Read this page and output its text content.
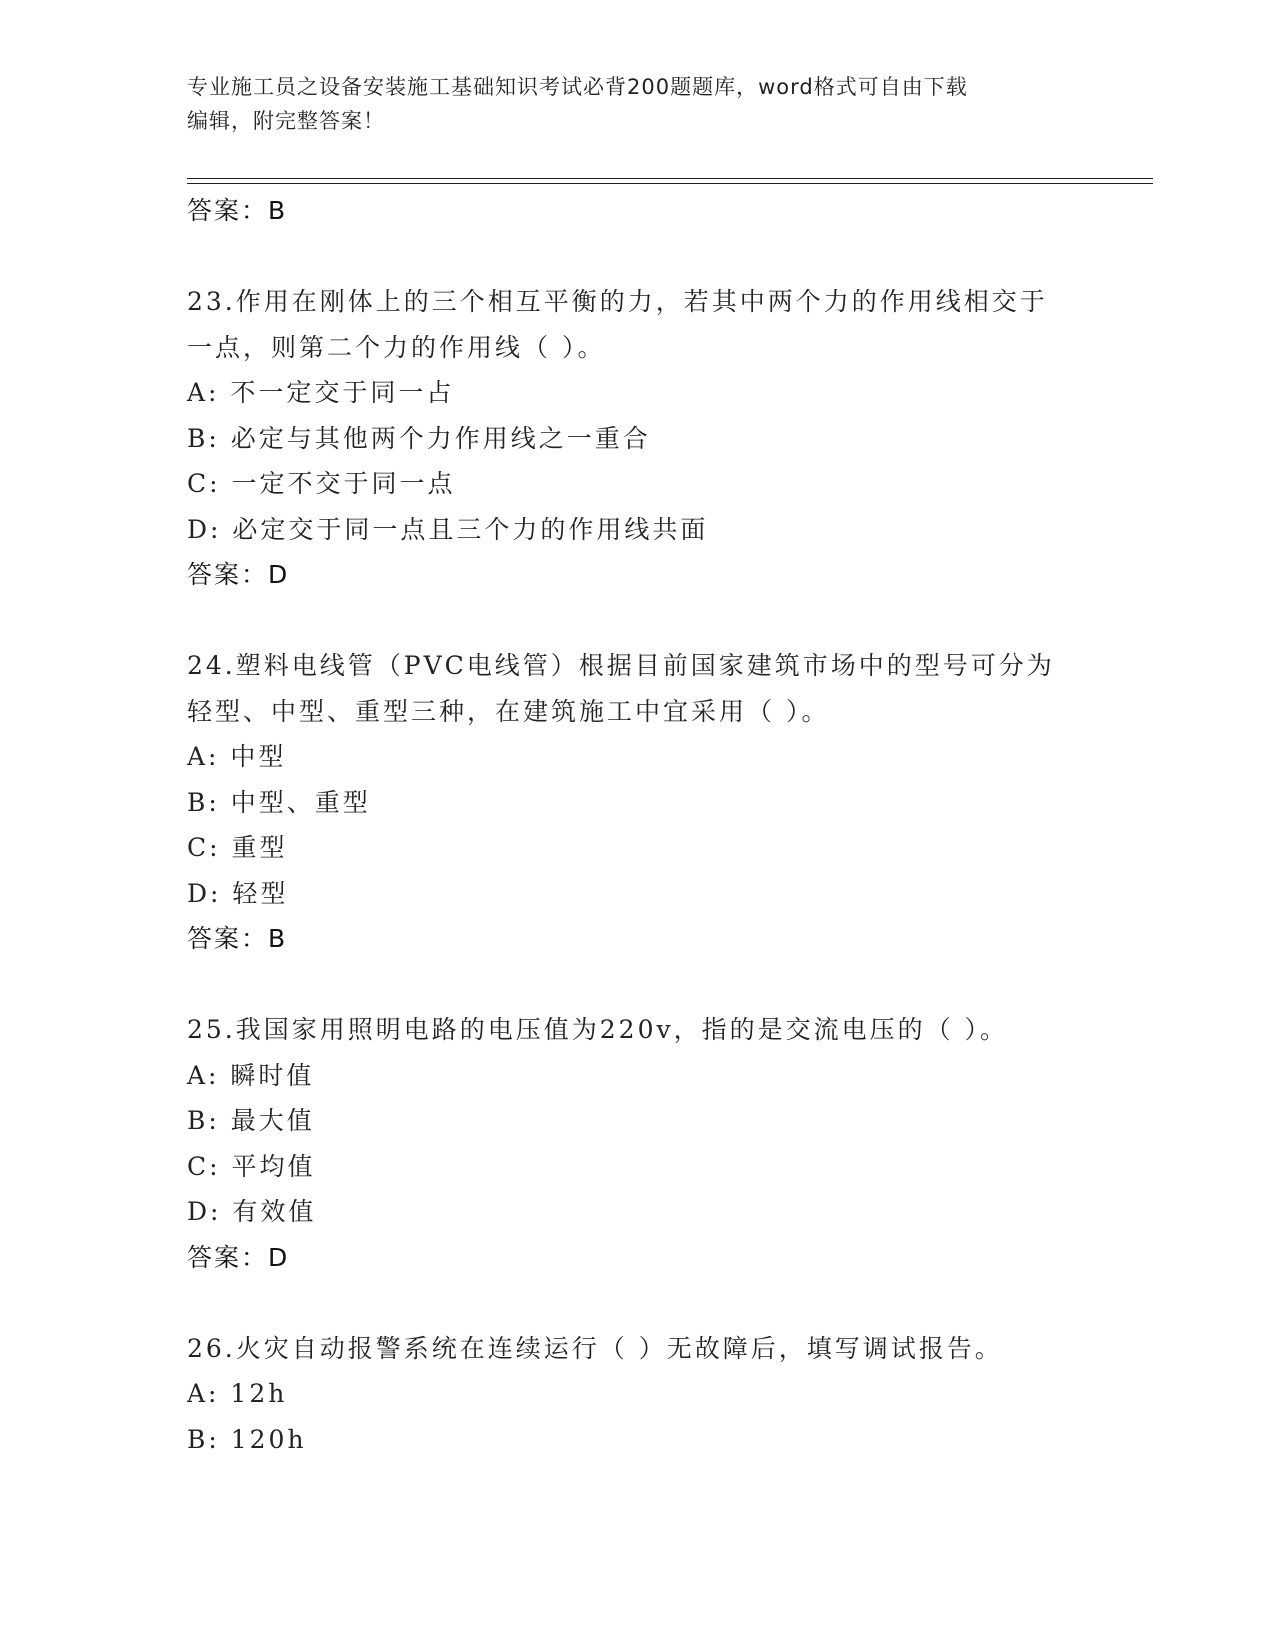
专业施工员之设备安装施工基础知识考试必背200题题库，word格式可自由下载
编辑，附完整答案！
答案：B
23.作用在刚体上的三个相互平衡的力，若其中两个力的作用线相交于
一点，则第二个力的作用线（ ）。
A: 不一定交于同一占
B: 必定与其他两个力作用线之一重合
C: 一定不交于同一点
D: 必定交于同一点且三个力的作用线共面
答案：D
24.塑料电线管（PVC电线管）根据目前国家建筑市场中的型号可分为
轻型、中型、重型三种，在建筑施工中宜采用（ ）。
A: 中型
B: 中型、重型
C: 重型
D: 轻型
答案：B
25.我国家用照明电路的电压值为220v，指的是交流电压的（ ）。
A: 瞬时值
B: 最大值
C: 平均值
D: 有效值
答案：D
26.火灾自动报警系统在连续运行（ ）无故障后，填写调试报告。
A: 12h
B: 120h
